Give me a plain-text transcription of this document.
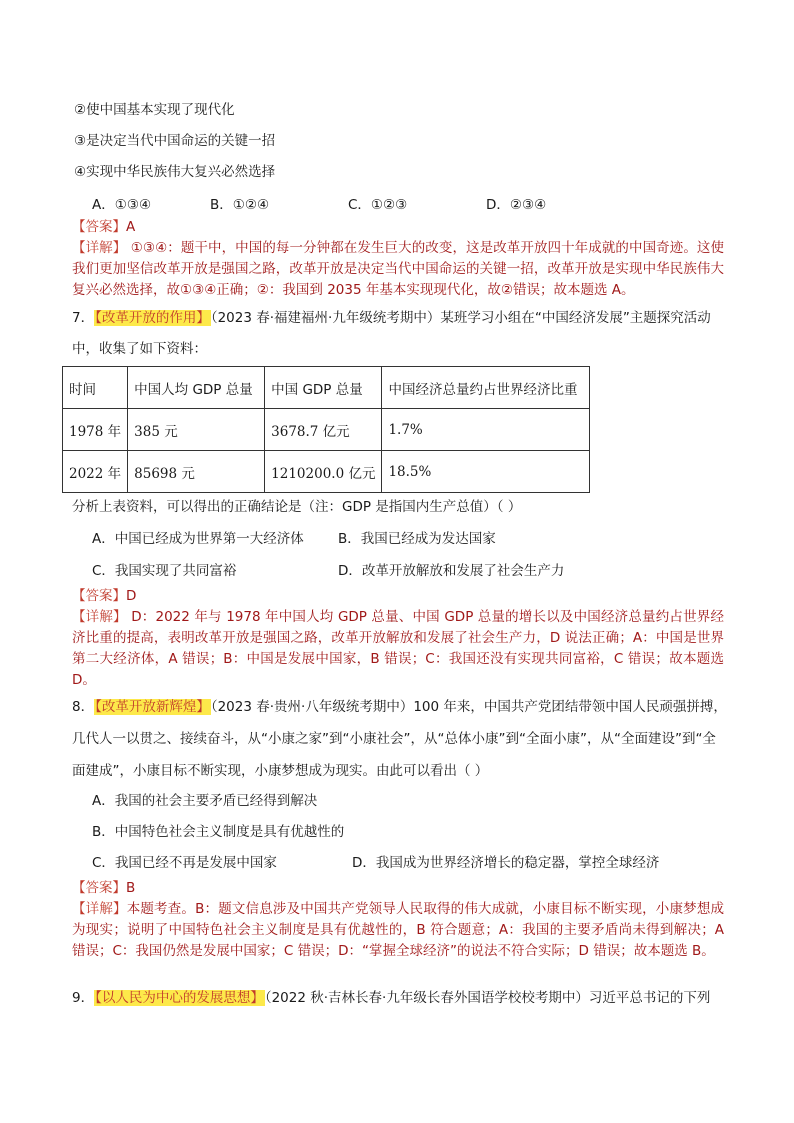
②使中国基本实现了现代化
③是决定当代中国命运的关键一招
④实现中华民族伟大复兴必然选择
A．①③④	B．①②④	C．①②③	D．②③④
【答案】A
【详解】 ①③④：题干中，中国的每一分钟都在发生巨大的改变，这是改革开放四十年成就的中国奇迹。这使我们更加坚信改革开放是强国之路，改革开放是决定当代中国命运的关键一招，改革开放是实现中华民族伟大复兴必然选择，故①③④正确；②：我国到 2035 年基本实现现代化，故②错误；故本题选 A。
7．【改革开放的作用】（2023 春·福建福州·九年级统考期中）某班学习小组在“中国经济发展”主题探究活动
中，收集了如下资料：
时间	中国人均 GDP 总量	中国 GDP 总量	中国经济总量约占世界经济比重
1978 年	385 元	3678.7 亿元	1.7%
2022 年	85698 元	1210200.0 亿元	18.5%
分析上表资料，可以得出的正确结论是（注：GDP 是指国内生产总值）（ ）
A．中国已经成为世界第一大经济体	B．我国已经成为发达国家
C．我国实现了共同富裕	D．改革开放解放和发展了社会生产力
【答案】D
【详解】 D：2022 年与 1978 年中国人均 GDP 总量、中国 GDP 总量的增长以及中国经济总量约占世界经济比重的提高，表明改革开放是强国之路，改革开放解放和发展了社会生产力，D 说法正确；A：中国是世界第二大经济体，A 错误；B：中国是发展中国家，B 错误；C：我国还没有实现共同富裕，C 错误；故本题选 D。
8．【改革开放新辉煌】（2023 春·贵州·八年级统考期中）100 年来，中国共产党团结带领中国人民顽强拼搏，
几代人一以贯之、接续奋斗，从“小康之家”到“小康社会”，从“总体小康”到“全面小康”，从“全面建设”到“全
面建成”，小康目标不断实现，小康梦想成为现实。由此可以看出（ ）
A．我国的社会主要矛盾已经得到解决
B．中国特色社会主义制度是具有优越性的
C．我国已经不再是发展中国家	D．我国成为世界经济增长的稳定器，掌控全球经济
【答案】B
【详解】本题考查。B：题文信息涉及中国共产党领导人民取得的伟大成就，小康目标不断实现，小康梦想成为现实；说明了中国特色社会主义制度是具有优越性的，B 符合题意；A：我国的主要矛盾尚未得到解决；A 错误；C：我国仍然是发展中国家；C 错误；D：“掌握全球经济”的说法不符合实际；D 错误；故本题选 B。
9．【以人民为中心的发展思想】（2022 秋·吉林长春·九年级长春外国语学校校考期中）习近平总书记的下列
